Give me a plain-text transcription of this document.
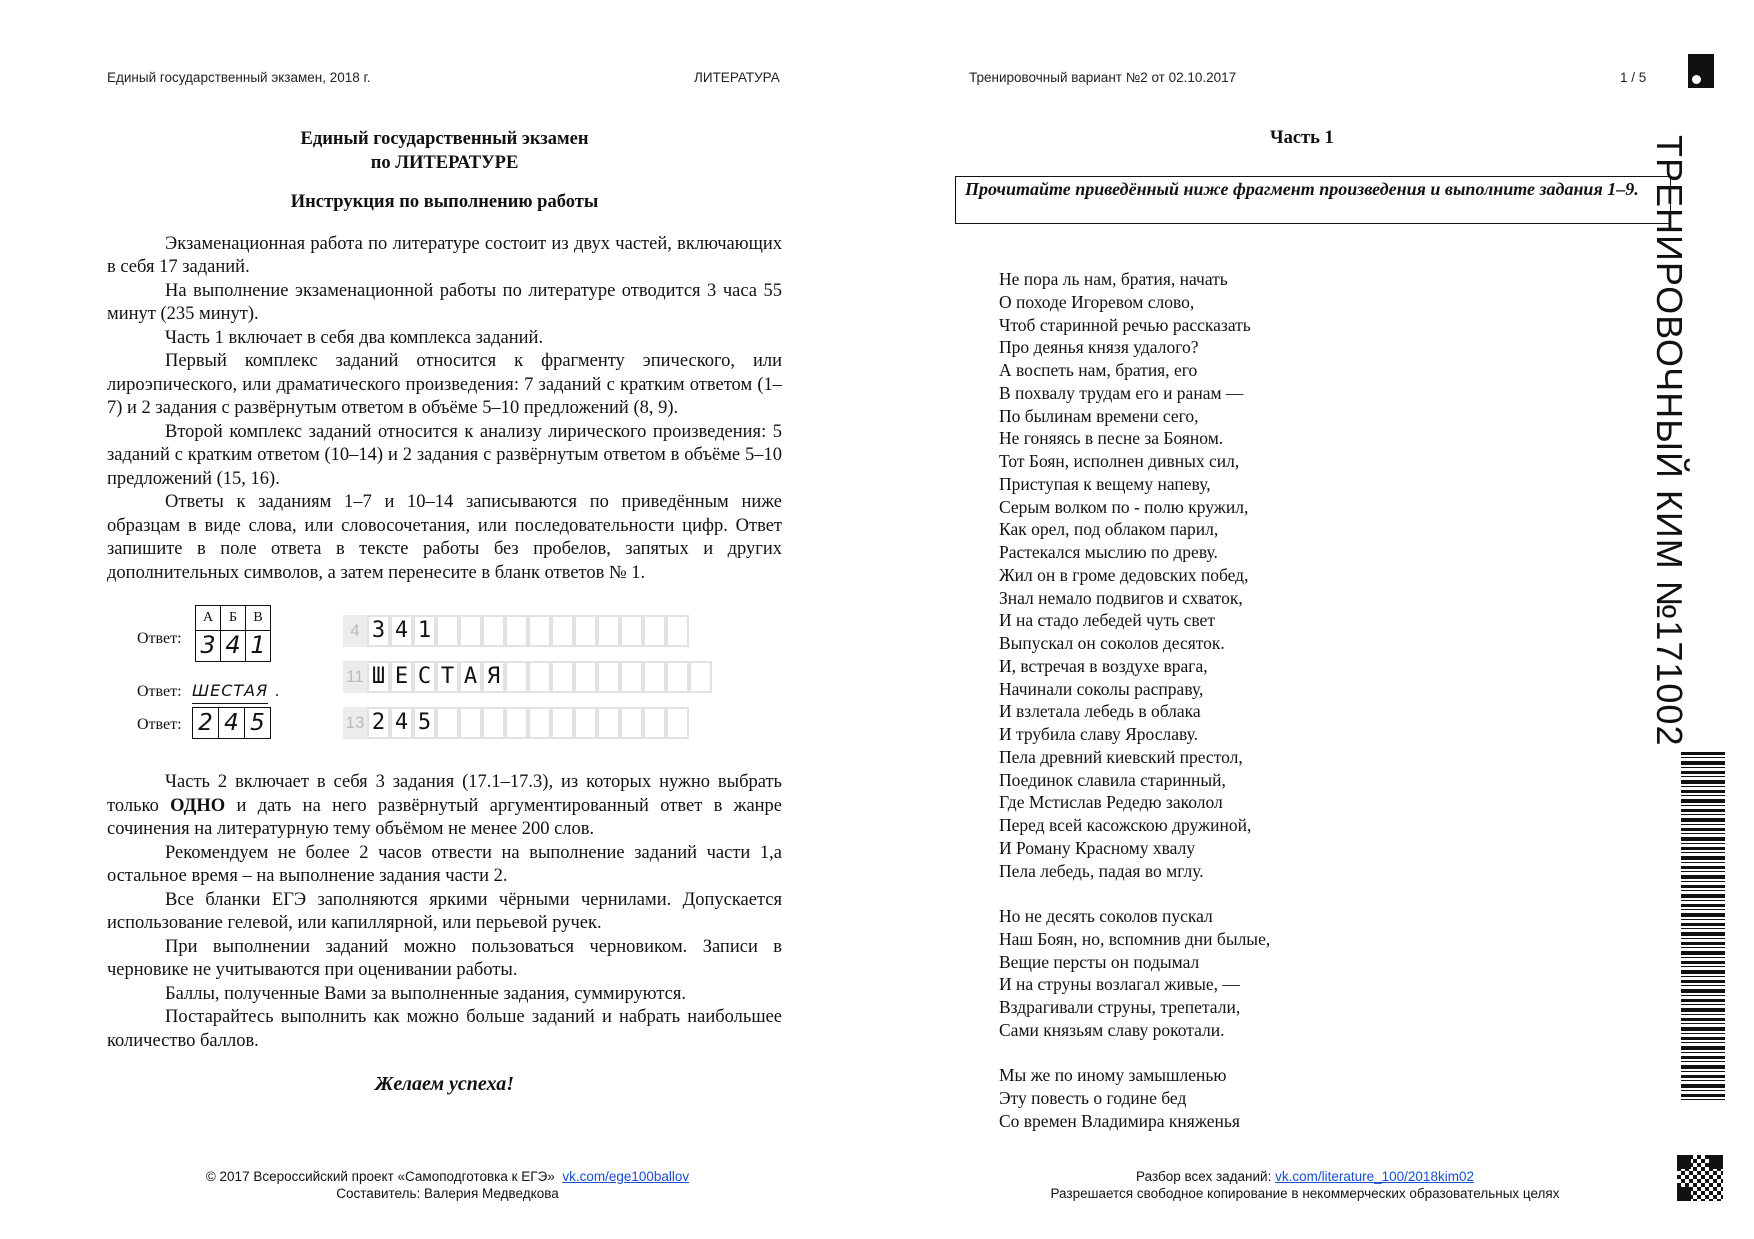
Единый государственный экзамен, 2018 г.	ЛИТЕРАТУРА	Тренировочный вариант №2 от 02.10.2017	1 / 5
ТРЕНИРОВОЧНЫЙ КИМ №171002
Единый государственный экзамен
по ЛИТЕРАТУРЕ
Инструкция по выполнению работы

Экзаменационная работа по литературе состоит из двух частей, включающих в себя 17 заданий.

На выполнение экзаменационной работы по литературе отводится 3 часа 55 минут (235 минут).

Часть 1 включает в себя два комплекса заданий.

Первый комплекс заданий относится к фрагменту эпического, или лироэпического, или драматического произведения: 7 заданий с кратким ответом (1–7) и 2 задания с развёрнутым ответом в объёме 5–10 предложений (8, 9).

Второй комплекс заданий относится к анализу лирического произведения: 5 заданий с кратким ответом (10–14) и 2 задания с развёрнутым ответом в объёме 5–10 предложений (15, 16).

Ответы к заданиям 1–7 и 10–14 записываются по приведённым ниже образцам в виде слова, или словосочетания, или последовательности цифр. Ответ запишите в поле ответа в тексте работы без пробелов, запятых и других дополнительных символов, а затем перенесите в бланк ответов № 1.

Ответ:
А	Б	В
3	4	1
Ответ: ШЕСТАЯ .
Ответ: 2 4 5
4 3 4 1
11 Ш Е С Т А Я
13 2 4 5

Часть 2 включает в себя 3 задания (17.1–17.3), из которых нужно выбрать только ОДНО и дать на него развёрнутый аргументированный ответ в жанре сочинения на литературную тему объёмом не менее 200 слов.

Рекомендуем не более 2 часов отвести на выполнение заданий части 1,а остальное время – на выполнение задания части 2.

Все бланки ЕГЭ заполняются яркими чёрными чернилами. Допускается использование гелевой, или капиллярной, или перьевой ручек.

При выполнении заданий можно пользоваться черновиком. Записи в черновике не учитываются при оценивании работы.

Баллы, полученные Вами за выполненные задания, суммируются.

Постарайтесь выполнить как можно больше заданий и набрать наибольшее количество баллов.

Желаем успеха!
Часть 1
Прочитайте приведённый ниже фрагмент произведения и выполните задания 1–9.
Не пора ль нам, братия, начать
О походе Игоревом слово,
Чтоб старинной речью рассказать
Про деянья князя удалого?
А воспеть нам, братия, его
В похвалу трудам его и ранам —
По былинам времени сего,
Не гоняясь в песне за Бояном.
Тот Боян, исполнен дивных сил,
Приступая к вещему напеву,
Серым волком по - полю кружил,
Как орел, под облаком парил,
Растекался мыслию по древу.
Жил он в громе дедовских побед,
Знал немало подвигов и схваток,
И на стадо лебедей чуть свет
Выпускал он соколов десяток.
И, встречая в воздухе врага,
Начинали соколы расправу,
И взлетала лебедь в облака
И трубила славу Ярославу.
Пела древний киевский престол,
Поединок славила старинный,
Где Мстислав Редедю заколол
Перед всей касожскою дружиной,
И Роману Красному хвалу
Пела лебедь, падая во мглу.
Но не десять соколов пускал
Наш Боян, но, вспомнив дни былые,
Вещие персты он подымал
И на струны возлагал живые, —
Вздрагивали струны, трепетали,
Сами князьям славу рокотали.
Мы же по иному замышленью
Эту повесть о године бед
Со времен Владимира княженья
© 2017 Всероссийский проект «Самоподготовка к ЕГЭ» vk.com/ege100ballov
Составитель: Валерия Медведкова
Разбор всех заданий: vk.com/literature_100/2018kim02
Разрешается свободное копирование в некоммерческих образовательных целях
